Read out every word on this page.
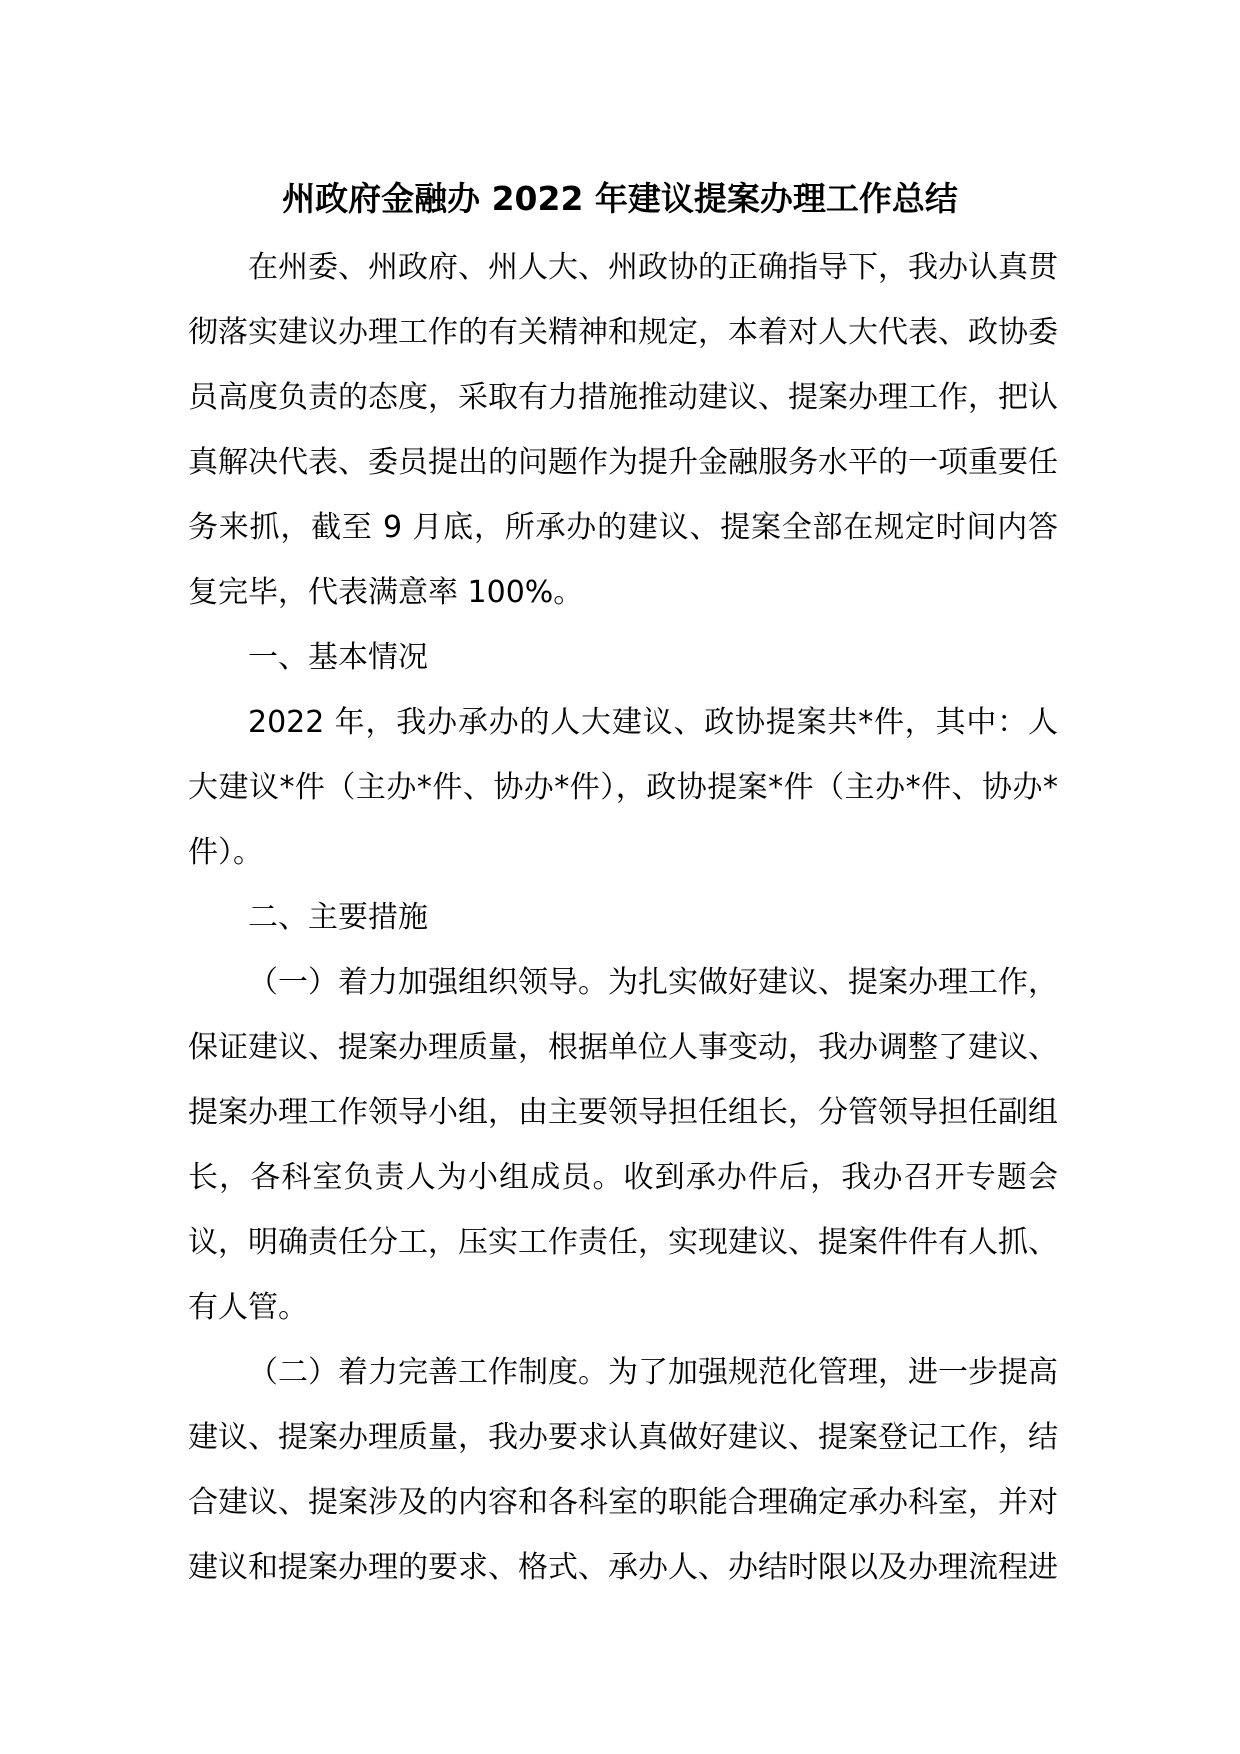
州政府金融办 2022 年建议提案办理工作总结

在州委、州政府、州人大、州政协的正确指导下，我办认真贯彻落实建议办理工作的有关精神和规定，本着对人大代表、政协委员高度负责的态度，采取有力措施推动建议、提案办理工作，把认真解决代表、委员提出的问题作为提升金融服务水平的一项重要任务来抓，截至 9 月底，所承办的建议、提案全部在规定时间内答复完毕，代表满意率 100%。

一、基本情况

2022 年，我办承办的人大建议、政协提案共*件，其中：人大建议*件（主办*件、协办*件），政协提案*件（主办*件、协办*件）。

二、主要措施

（一）着力加强组织领导。为扎实做好建议、提案办理工作，保证建议、提案办理质量，根据单位人事变动，我办调整了建议、提案办理工作领导小组，由主要领导担任组长，分管领导担任副组长，各科室负责人为小组成员。收到承办件后，我办召开专题会议，明确责任分工，压实工作责任，实现建议、提案件件有人抓、有人管。

（二）着力完善工作制度。为了加强规范化管理，进一步提高建议、提案办理质量，我办要求认真做好建议、提案登记工作，结合建议、提案涉及的内容和各科室的职能合理确定承办科室，并对建议和提案办理的要求、格式、承办人、办结时限以及办理流程进
